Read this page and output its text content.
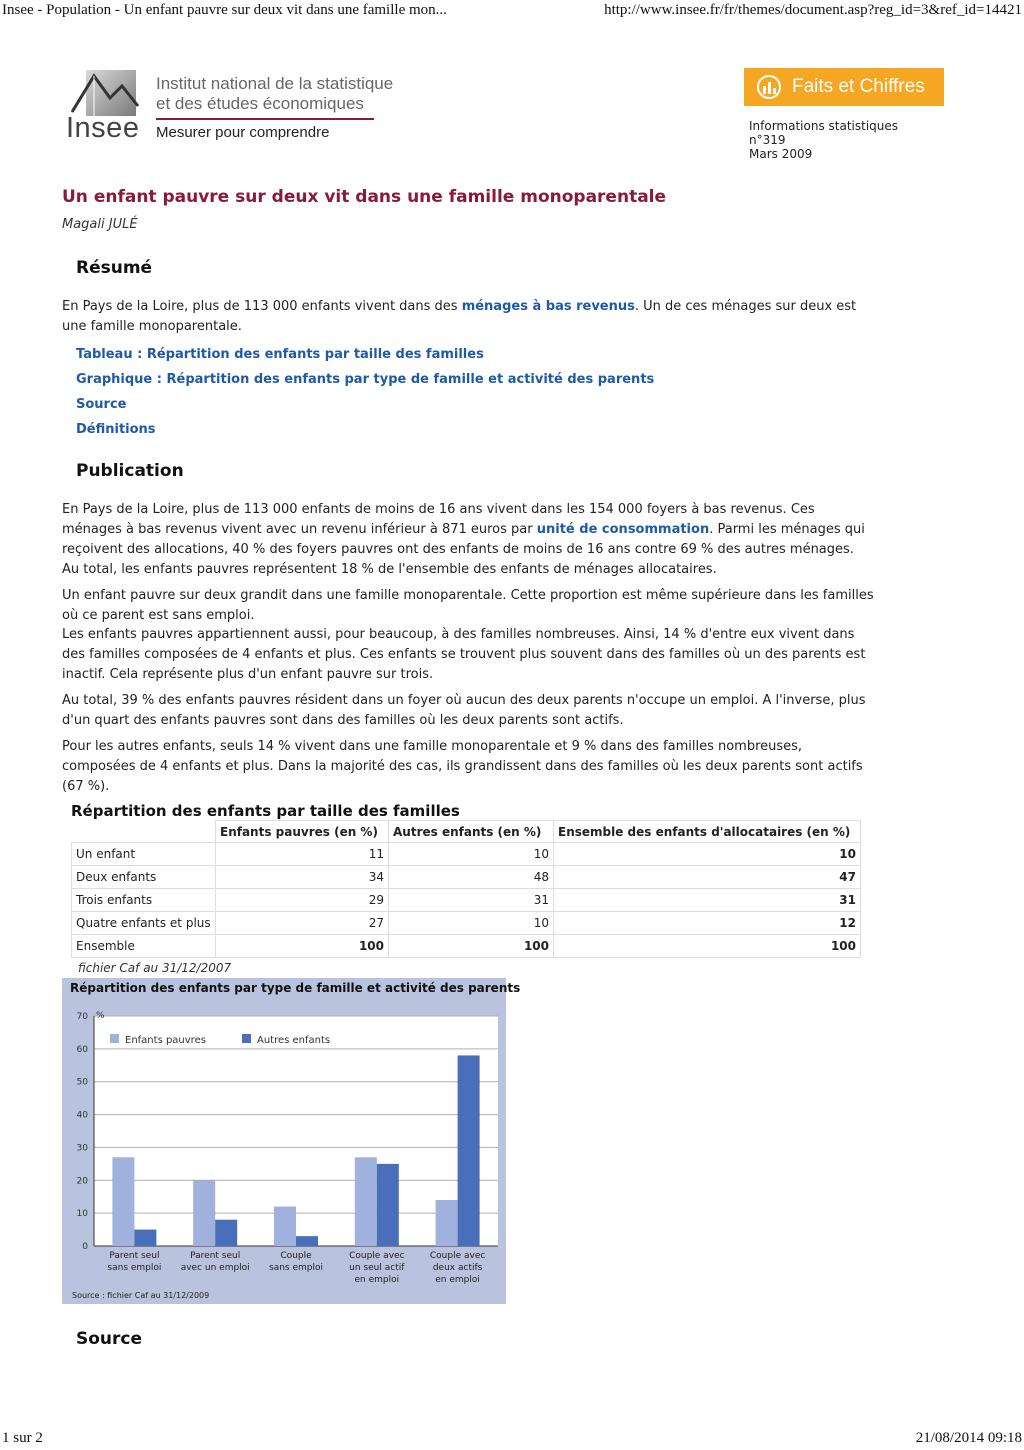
Insee - Population - Un enfant pauvre sur deux vit dans une famille mon...	http://www.insee.fr/fr/themes/document.asp?reg_id=3&ref_id=14421
1 sur 2	21/08/2014 09:18
Insee
Institut national de la statistique
et des études économiques
Mesurer pour comprendre
Faits et Chiffres
Informations statistiques
n°319
Mars 2009
Un enfant pauvre sur deux vit dans une famille monoparentale
Magali JULÉ
Résumé

En Pays de la Loire, plus de 113 000 enfants vivent dans des ménages à bas revenus. Un de ces ménages sur deux est une famille monoparentale.

Tableau : Répartition des enfants par taille des familles
Graphique : Répartition des enfants par type de famille et activité des parents
Source
Définitions
Publication

En Pays de la Loire, plus de 113 000 enfants de moins de 16 ans vivent dans les 154 000 foyers à bas revenus. Ces ménages à bas revenus vivent avec un revenu inférieur à 871 euros par unité de consommation. Parmi les ménages qui reçoivent des allocations, 40 % des foyers pauvres ont des enfants de moins de 16 ans contre 69 % des autres ménages. Au total, les enfants pauvres représentent 18 % de l'ensemble des enfants de ménages allocataires.

Un enfant pauvre sur deux grandit dans une famille monoparentale. Cette proportion est même supérieure dans les familles où ce parent est sans emploi.

Les enfants pauvres appartiennent aussi, pour beaucoup, à des familles nombreuses. Ainsi, 14 % d'entre eux vivent dans des familles composées de 4 enfants et plus. Ces enfants se trouvent plus souvent dans des familles où un des parents est inactif. Cela représente plus d'un enfant pauvre sur trois.

Au total, 39 % des enfants pauvres résident dans un foyer où aucun des deux parents n'occupe un emploi. A l'inverse, plus d'un quart des enfants pauvres sont dans des familles où les deux parents sont actifs.

Pour les autres enfants, seuls 14 % vivent dans une famille monoparentale et 9 % dans des familles nombreuses, composées de 4 enfants et plus. Dans la majorité des cas, ils grandissent dans des familles où les deux parents sont actifs (67 %).

Répartition des enfants par taille des familles
	Enfants pauvres (en %)	Autres enfants (en %)	Ensemble des enfants d'allocataires (en %)
Un enfant	11	10	10
Deux enfants	34	48	47
Trois enfants	29	31	31
Quatre enfants et plus	27	10	12
Ensemble	100	100	100
fichier Caf au 31/12/2007
Répartition des enfants par type de famille et activité des parents
0
10
20
30
40
50
60
70 %
Enfants pauvres	Autres enfants
Parent seul
sans emploi
Parent seul
avec un emploi
Couple
sans emploi
Couple avec
un seul actif
en emploi
Couple avec
deux actifs
en emploi
Source : fichier Caf au 31/12/2009
Source
